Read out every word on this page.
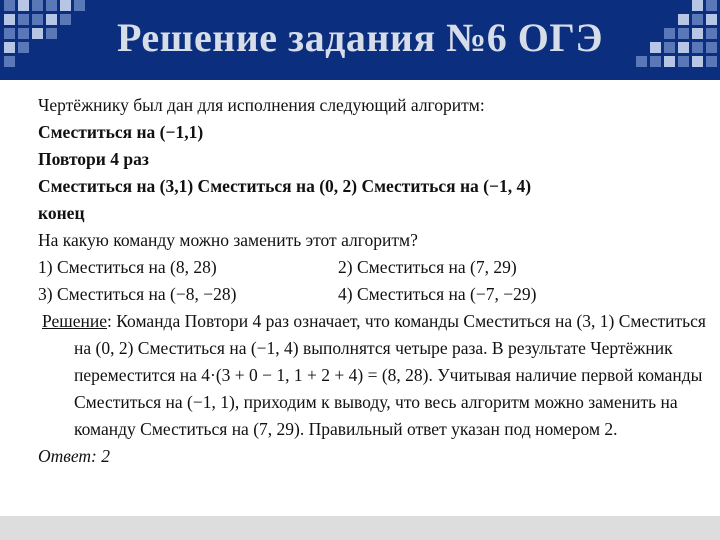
Решение задания №6 ОГЭ
Чертёжнику был дан для исполнения следующий алгоритм:
Сместиться на (−1,1)
Повтори 4 раз
Сместиться на (3,1) Сместиться на (0, 2) Сместиться на (−1, 4)
конец
На какую команду можно заменить этот алгоритм?
1) Сместиться на (8, 28)	2) Сместиться на (7, 29)
3) Сместиться на (−8, −28)	4) Сместиться на (−7, −29)
Решение: Команда Повтори 4 раз означает, что команды Сместиться на (3, 1) Сместиться на (0, 2) Сместиться на (−1, 4) выполнятся четыре раза. В результате Чертёжник переместится на 4·(3 + 0 − 1, 1 + 2 + 4) = (8, 28). Учитывая наличие первой команды Сместиться на (−1, 1), приходим к выводу, что весь алгоритм можно заменить на команду Сместиться на (7, 29). Правильный ответ указан под номером 2.
Ответ: 2
